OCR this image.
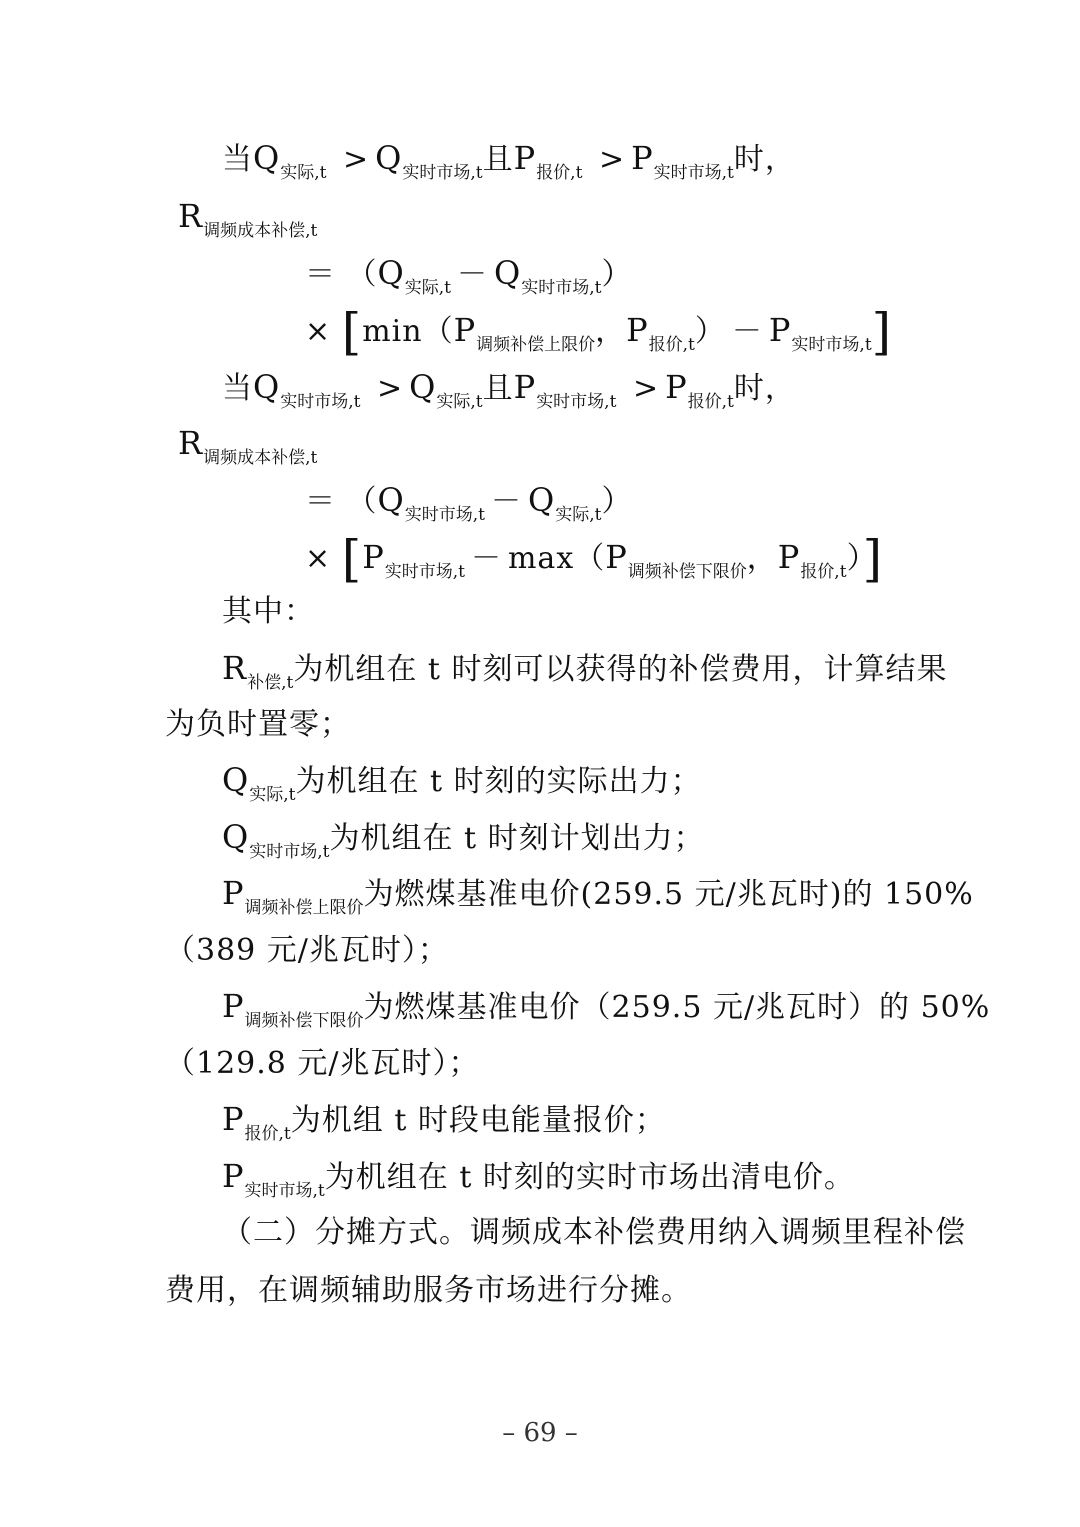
当$Q_{实际,t} > Q_{实时市场,t}$且$P_{报价,t} > P_{实时市场,t}$时，
$R_{调频成本补偿,t}$
＝ $(Q_{实际,t} - Q_{实时市场,t})$
× [$\min(P_{调频补偿上限价}$，$P_{报价,t}) - P_{实时市场,t}$]
当$Q_{实时市场,t} > Q_{实际,t}$且$P_{实时市场,t} > P_{报价,t}$时，
$R_{调频成本补偿,t}$
＝ $(Q_{实时市场,t} - Q_{实际,t})$
× [$P_{实时市场,t} - \max(P_{调频补偿下限价}$，$P_{报价,t}$）]
其中：
$R_{补偿,t}$为机组在 t 时刻可以获得的补偿费用，计算结果
为负时置零；
$Q_{实际,t}$为机组在 t 时刻的实际出力；
$Q_{实时市场,t}$为机组在 t 时刻计划出力；
$P_{调频补偿上限价}$为燃煤基准电价(259.5 元/兆瓦时)的 150%
（389 元/兆瓦时）；
$P_{调频补偿下限价}$为燃煤基准电价（259.5 元/兆瓦时）的 50%
（129.8 元/兆瓦时）；
$P_{报价,t}$为机组 t 时段电能量报价；
$P_{实时市场,t}$为机组在 t 时刻的实时市场出清电价。
（二）分摊方式。调频成本补偿费用纳入调频里程补偿
费用，在调频辅助服务市场进行分摊。
– 69 –
